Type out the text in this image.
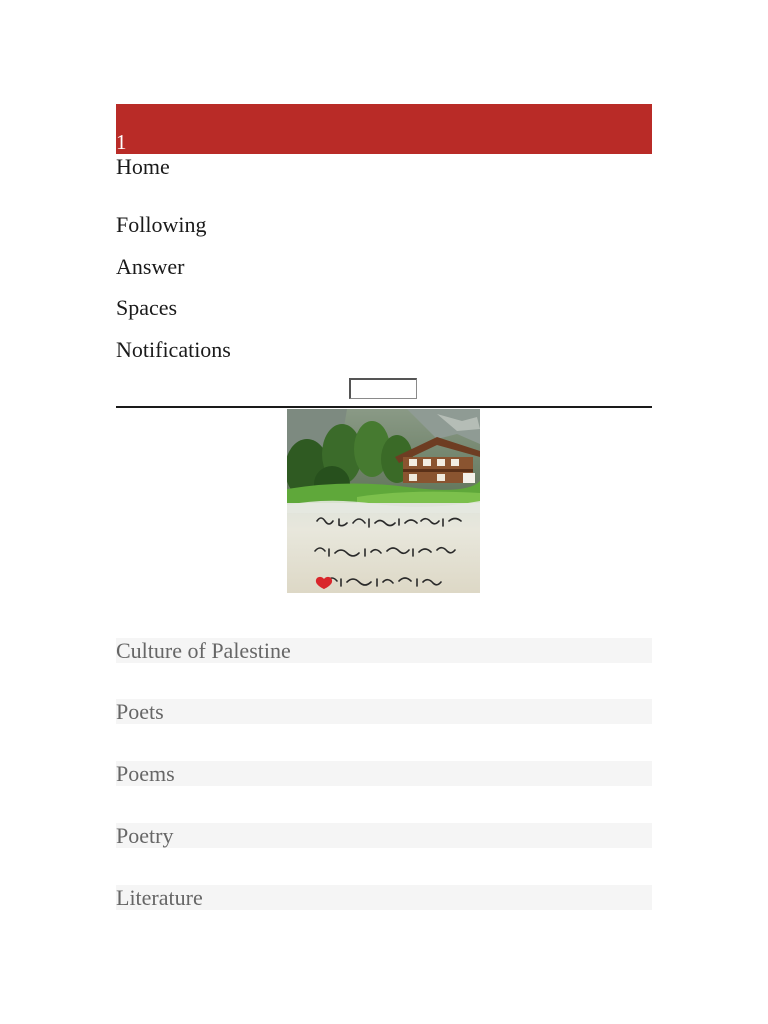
1
Home
Following
Answer
Spaces
Notifications
Culture of Palestine
Poets
Poems
Poetry
Literature
